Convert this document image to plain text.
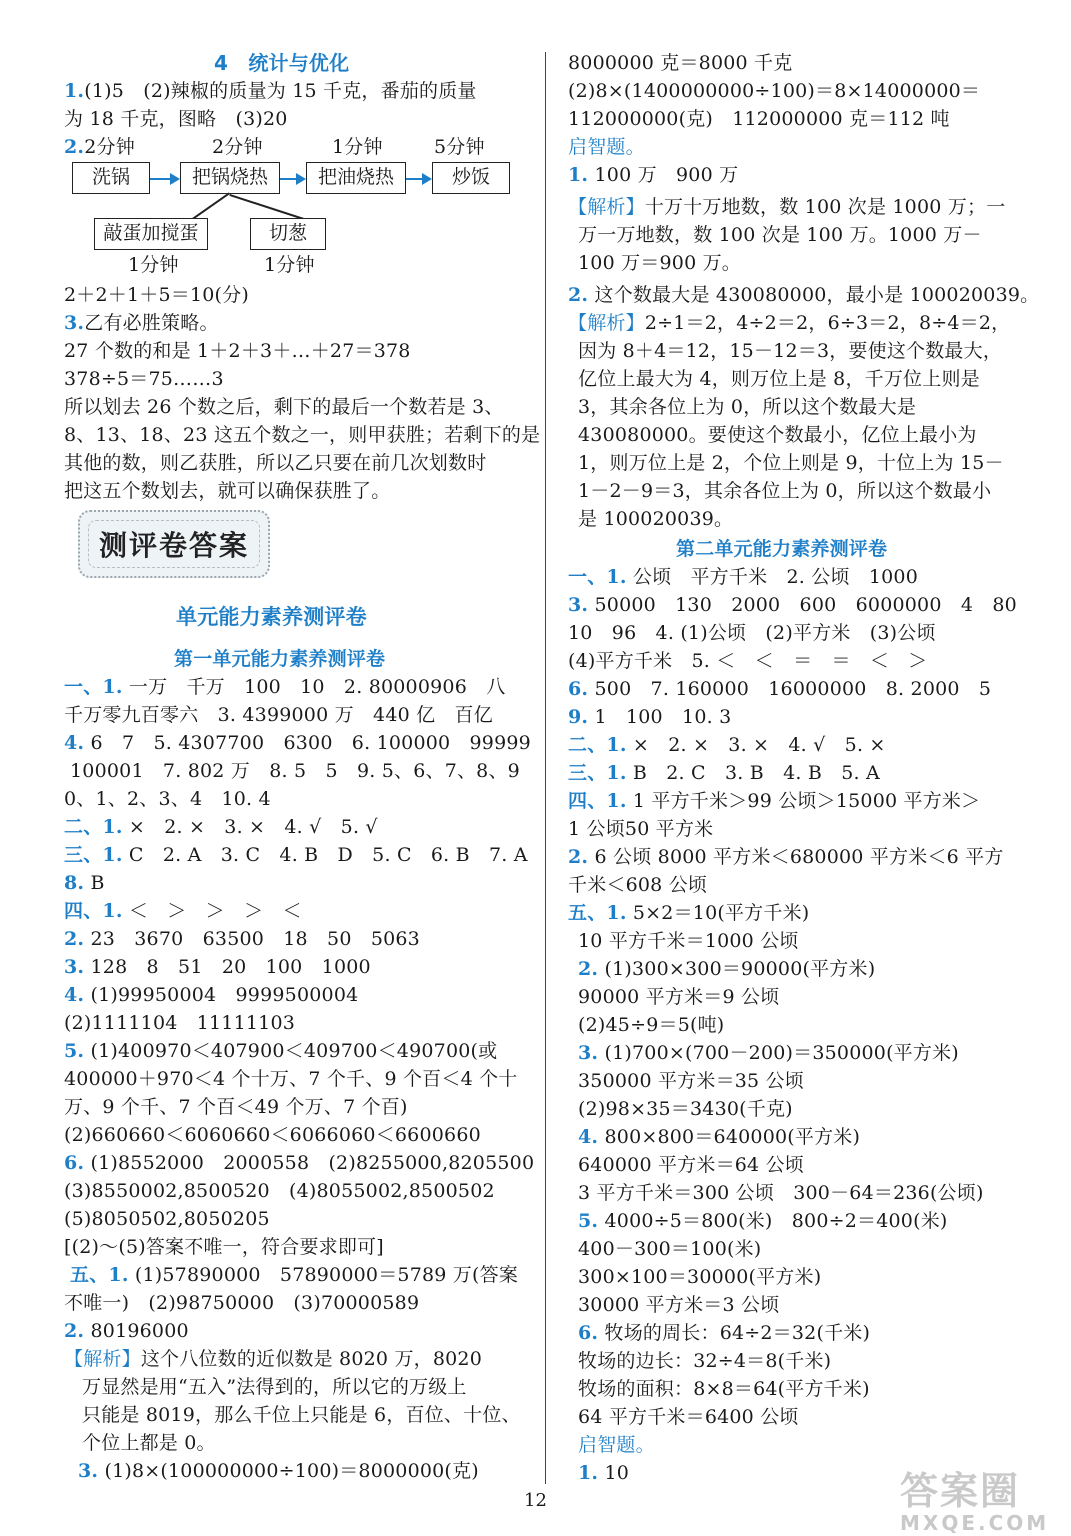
4　统计与优化
1.(1)5　(2)辣椒的质量为 15 千克，番茄的质量
为 18 千克，图略　(3)20
2.2分钟	2分钟	1分钟	5分钟
洗锅	把锅烧热	把油烧热	炒饭
敲蛋加搅蛋	切葱
1分钟	1分钟
2＋2＋1＋5＝10(分)
3.乙有必胜策略。
27 个数的和是 1＋2＋3＋…＋27＝378
378÷5＝75……3
所以划去 26 个数之后，剩下的最后一个数若是 3、
8、13、18、23 这五个数之一，则甲获胜；若剩下的是
其他的数，则乙获胜，所以乙只要在前几次划数时
把这五个数划去，就可以确保获胜了。
测评卷答案
单元能力素养测评卷
第一单元能力素养测评卷
一、1. 一万　千万　100　10　2. 80000906　八
千万零九百零六　3. 4399000 万　440 亿　百亿
4. 6　7　5. 4307700　6300　6. 100000　99999
100001　7. 802 万　8. 5　5　9. 5、6、7、8、9
0、1、2、3、4　10. 4
二、1. ×　2. ×　3. ×　4. √　5. √
三、1. C　2. A　3. C　4. B　D　5. C　6. B　7. A
8. B
四、1. ＜　＞　＞　＞　＜
2. 23　3670　63500　18　50　5063
3. 128　8　51　20　100　1000
4. (1)99950004　9999500004
(2)1111104　11111103
5. (1)400970＜407900＜409700＜490700(或
400000＋970＜4 个十万、7 个千、9 个百＜4 个十
万、9 个千、7 个百＜49 个万、7 个百)
(2)660660＜6060660＜6066060＜6600660
6. (1)8552000　2000558　(2)8255000,8205500
(3)8550002,8500520　(4)8055002,8500502
(5)8050502,8050205
[(2)～(5)答案不唯一，符合要求即可]
五、1. (1)57890000　57890000＝5789 万(答案
不唯一)　(2)98750000　(3)70000589
2. 80196000
【解析】这个八位数的近似数是 8020 万，8020
万显然是用“五入”法得到的，所以它的万级上
只能是 8019，那么千位上只能是 6，百位、十位、
个位上都是 0。
3. (1)8×(100000000÷100)＝8000000(克)
8000000 克＝8000 千克
(2)8×(1400000000÷100)＝8×14000000＝
112000000(克)　112000000 克＝112 吨
启智题。
1. 100 万　900 万
【解析】十万十万地数，数 100 次是 1000 万；一
万一万地数，数 100 次是 100 万。1000 万－
100 万＝900 万。
2. 这个数最大是 430080000，最小是 100020039。
【解析】2÷1＝2，4÷2＝2，6÷3＝2，8÷4＝2，
因为 8＋4＝12，15－12＝3，要使这个数最大，
亿位上最大为 4，则万位上是 8，千万位上则是
3，其余各位上为 0，所以这个数最大是
430080000。要使这个数最小，亿位上最小为
1，则万位上是 2，个位上则是 9，十位上为 15－
1－2－9＝3，其余各位上为 0，所以这个数最小
是 100020039。
第二单元能力素养测评卷
一、1. 公顷　平方千米　2. 公顷　1000
3. 50000　130　2000　600　6000000　4　80
10　96　4. (1)公顷　(2)平方米　(3)公顷
(4)平方千米　5. ＜　＜　＝　＝　＜　＞
6. 500　7. 160000　16000000　8. 2000　5
9. 1　100　10. 3
二、1. ×　2. ×　3. ×　4. √　5. ×
三、1. B　2. C　3. B　4. B　5. A
四、1. 1 平方千米＞99 公顷＞15000 平方米＞
1 公顷50 平方米
2. 6 公顷 8000 平方米＜680000 平方米＜6 平方
千米＜608 公顷
五、1. 5×2＝10(平方千米)
10 平方千米＝1000 公顷
2. (1)300×300＝90000(平方米)
90000 平方米＝9 公顷
(2)45÷9＝5(吨)
3. (1)700×(700－200)＝350000(平方米)
350000 平方米＝35 公顷
(2)98×35＝3430(千克)
4. 800×800＝640000(平方米)
640000 平方米＝64 公顷
3 平方千米＝300 公顷　300－64＝236(公顷)
5. 4000÷5＝800(米)　800÷2＝400(米)
400－300＝100(米)
300×100＝30000(平方米)
30000 平方米＝3 公顷
6. 牧场的周长：64÷2＝32(千米)
牧场的边长：32÷4＝8(千米)
牧场的面积：8×8＝64(平方千米)
64 平方千米＝6400 公顷
启智题。
1. 10
12	答案圈
MXQE.COM
